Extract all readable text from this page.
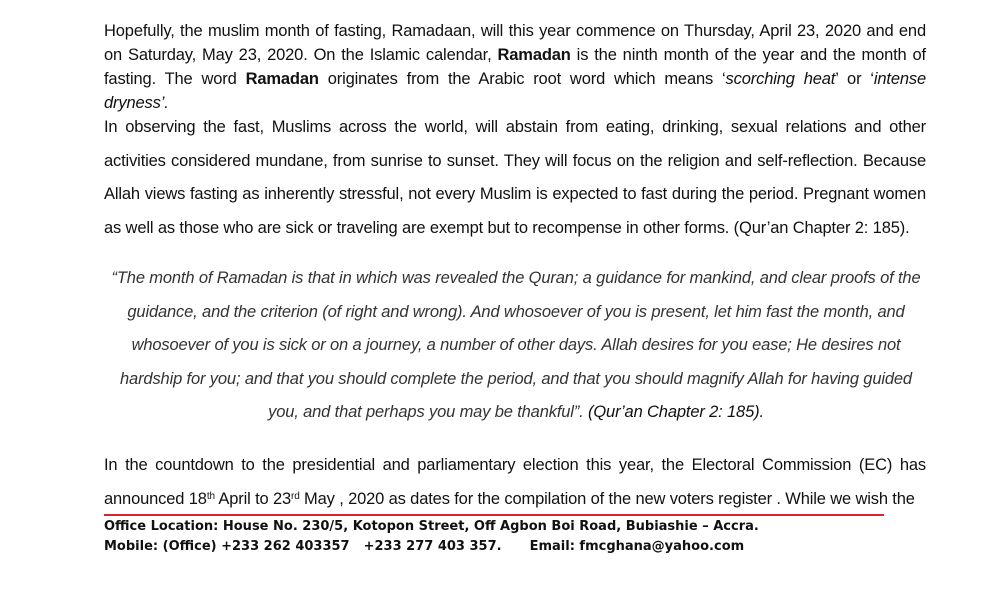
Hopefully, the muslim month of fasting, Ramadaan, will this year commence on Thursday, April 23, 2020 and end on Saturday, May 23, 2020. On the Islamic calendar, Ramadan is the ninth month of the year and the month of fasting. The word Ramadan originates from the Arabic root word which means ‘scorching heat’ or ‘intense dryness’.

In observing the fast, Muslims across the world, will abstain from eating, drinking, sexual relations and other activities considered mundane, from sunrise to sunset. They will focus on the religion and self-reflection. Because Allah views fasting as inherently stressful, not every Muslim is expected to fast during the period. Pregnant women as well as those who are sick or traveling are exempt but to recompense in other forms. (Qur’an Chapter 2: 185).

“The month of Ramadan is that in which was revealed the Quran; a guidance for mankind, and clear proofs of the guidance, and the criterion (of right and wrong). And whosoever of you is present, let him fast the month, and whosoever of you is sick or on a journey, a number of other days. Allah desires for you ease; He desires not hardship for you; and that you should complete the period, and that you should magnify Allah for having guided you, and that perhaps you may be thankful”. (Qur’an Chapter 2: 185).

In the countdown to the presidential and parliamentary election this year, the Electoral Commission (EC) has announced 18th April to 23rd May , 2020 as dates for the compilation of the new voters register . While we wish the

Office Location: House No. 230/5, Kotopon Street, Off Agbon Boi Road, Bubiashie – Accra.
Mobile: (Office) +233 262 403357 +233 277 403 357. Email: fmcghana@yahoo.com
